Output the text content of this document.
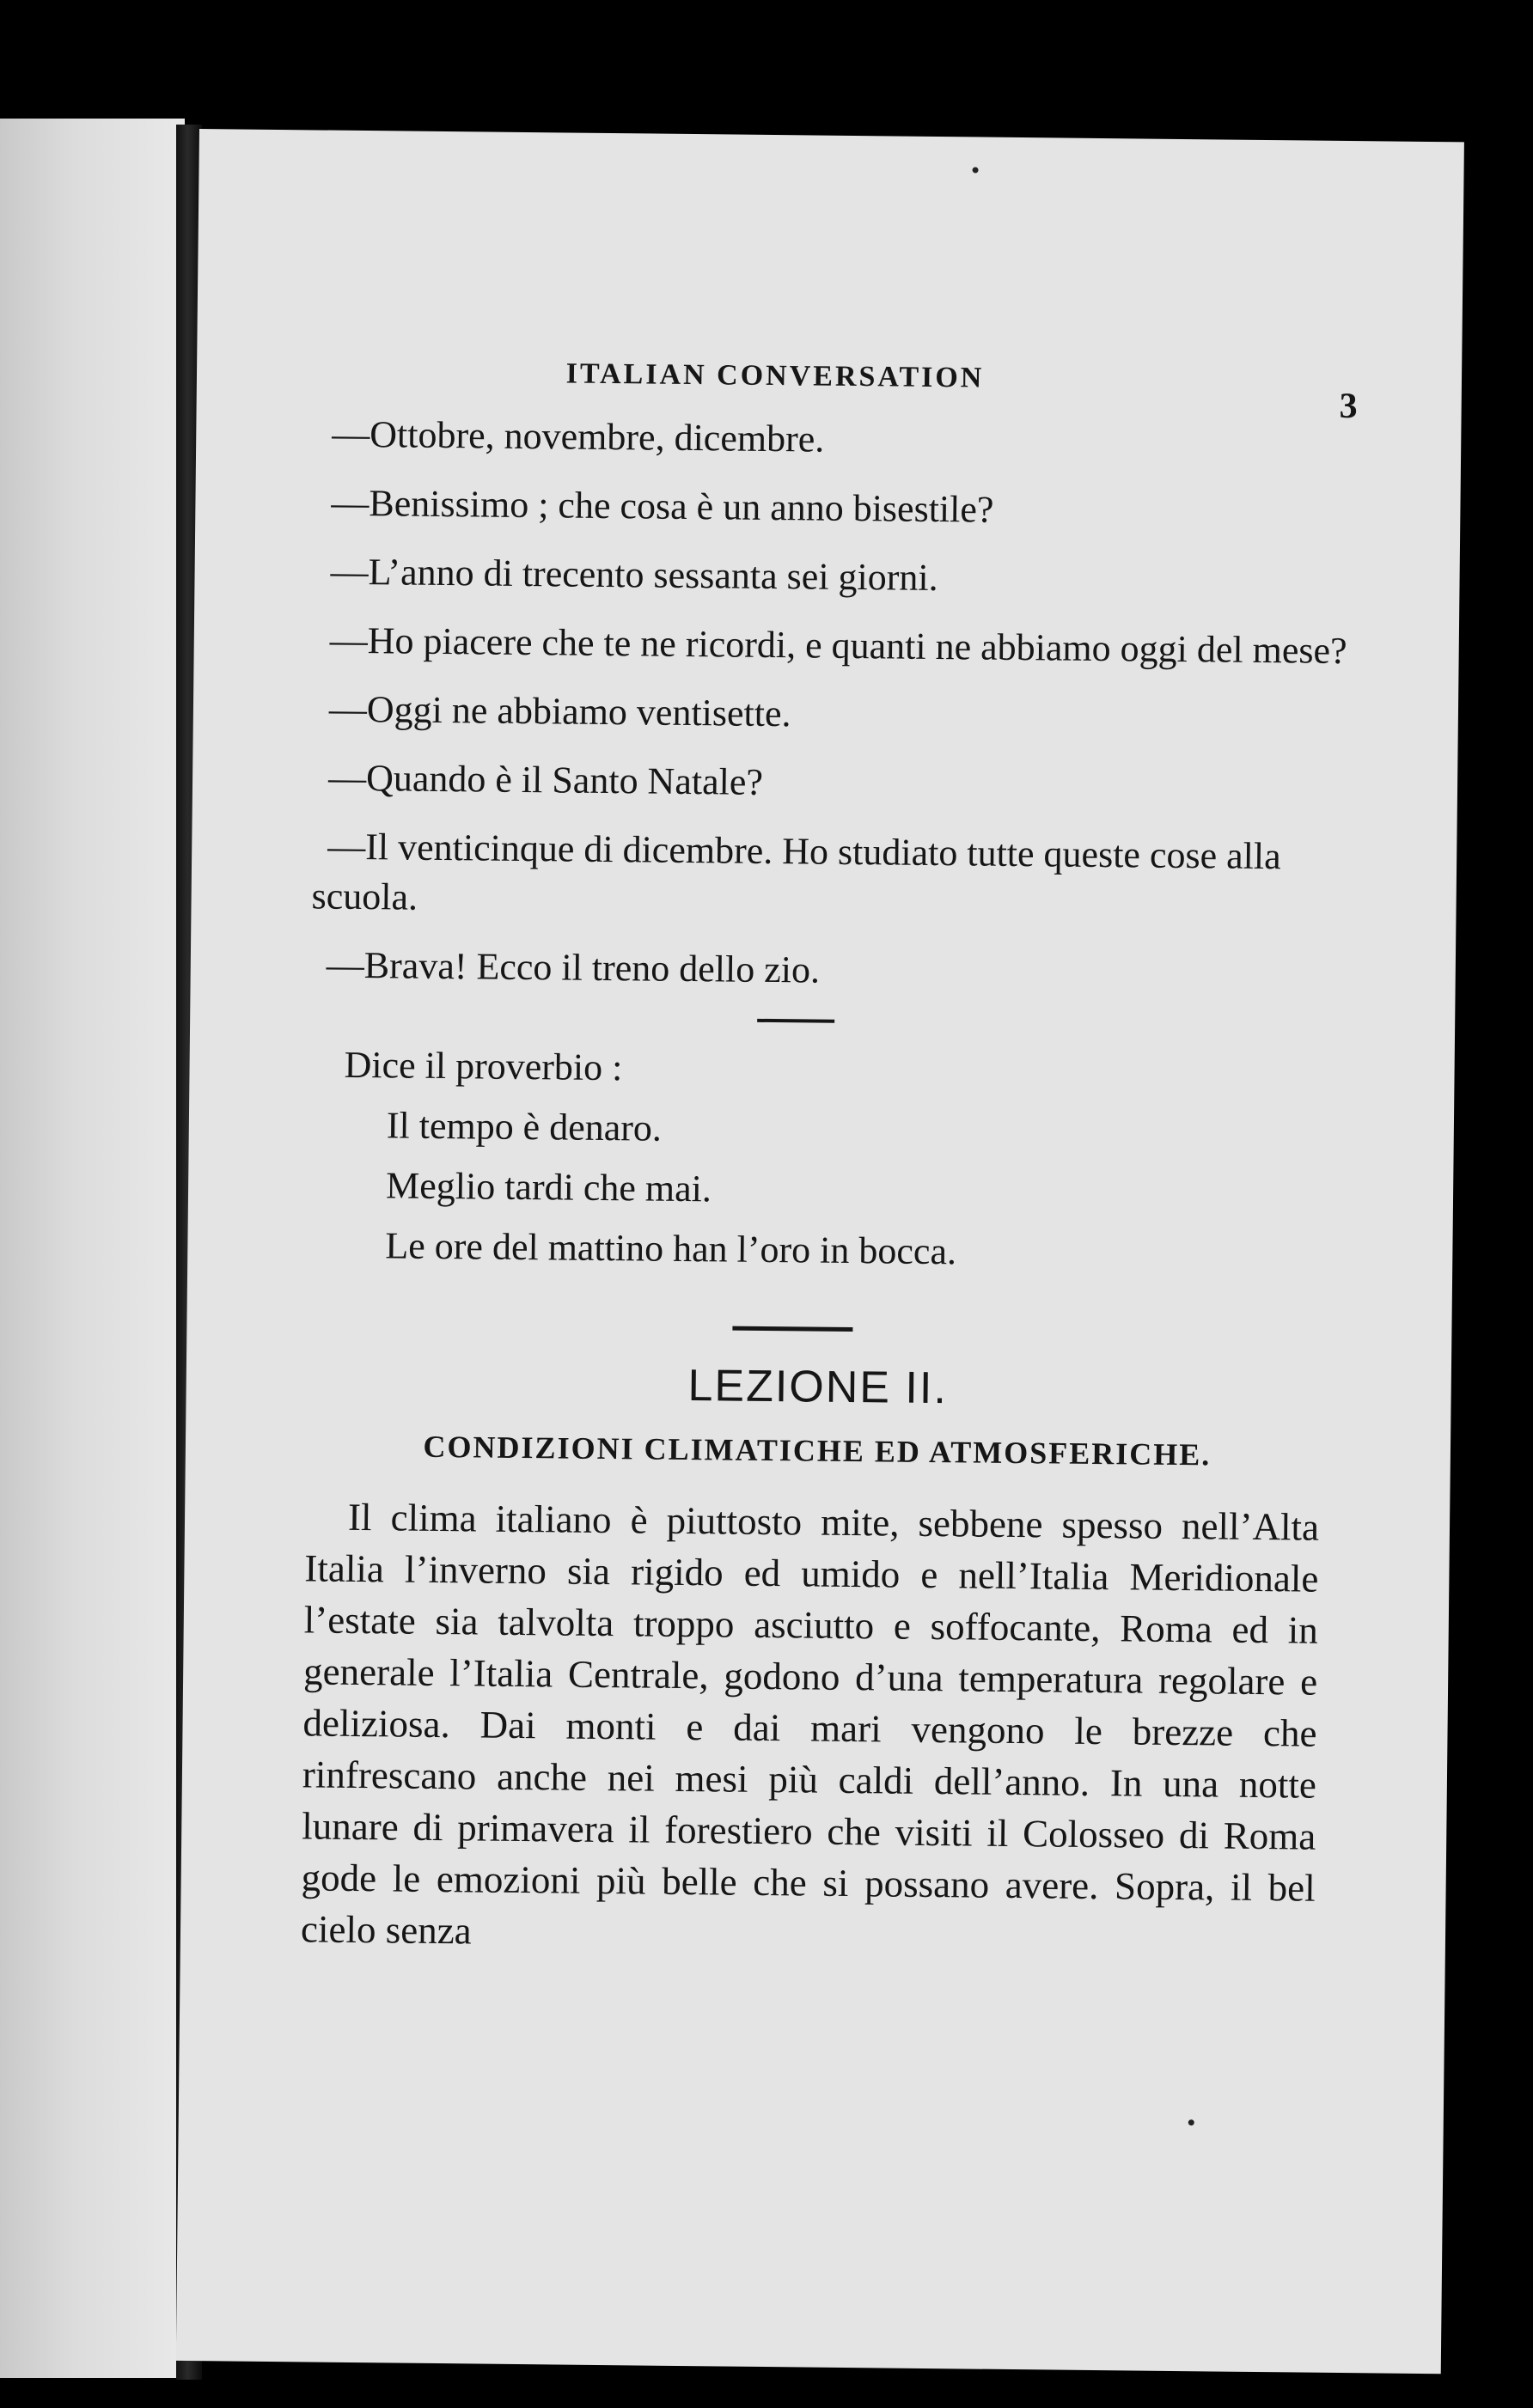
ITALIAN CONVERSATION
3

—Ottobre, novembre, dicembre.

—Benissimo ; che cosa è un anno bisestile?

—L’anno di trecento sessanta sei giorni.

—Ho piacere che te ne ricordi, e quanti ne abbiamo oggi del mese?

—Oggi ne abbiamo ventisette.

—Quando è il Santo Natale?

—Il venticinque di dicembre. Ho studiato tutte queste cose alla scuola.

—Brava! Ecco il treno dello zio.

Dice il proverbio :

Il tempo è denaro.

Meglio tardi che mai.

Le ore del mattino han l’oro in bocca.

LEZIONE II.
CONDIZIONI CLIMATICHE ED ATMOSFERICHE.

Il clima italiano è piuttosto mite, sebbene spesso nell’Alta Italia l’inverno sia rigido ed umido e nell’Italia Meridionale l’estate sia talvolta troppo asciutto e soffocante, Roma ed in generale l’Italia Centrale, godono d’una temperatura regolare e deliziosa. Dai monti e dai mari vengono le brezze che rinfrescano anche nei mesi più caldi dell’anno. In una notte lunare di primavera il forestiero che visiti il Colosseo di Roma gode le emozioni più belle che si possano avere. Sopra, il bel cielo senza
